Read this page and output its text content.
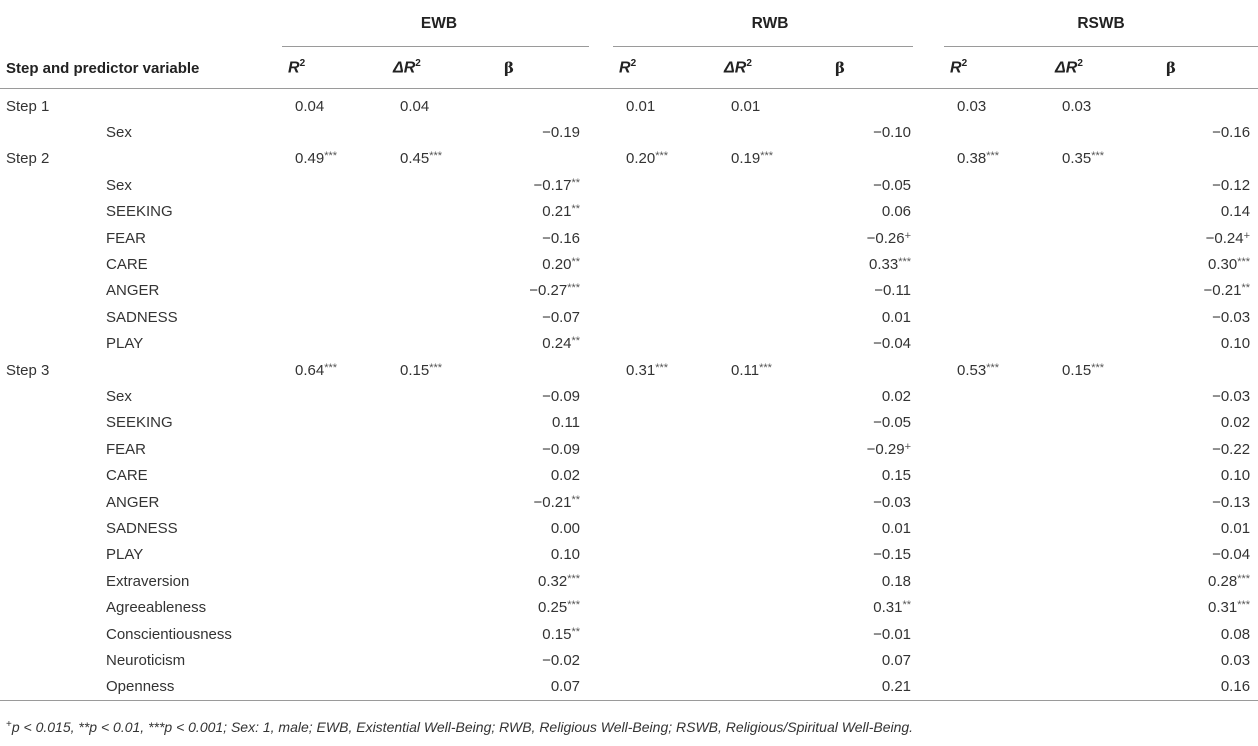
	EWB				RWB				RSWB		

Step and predictor variable	$R^2$	$\Delta R^2$	β		$R^2$	$\Delta R^2$	β		$R^2$	$\Delta R^2$	β
Step 1	0.04	0.04			0.01	0.01			0.03	0.03	
Sex			−0.19				−0.10				−0.16
Step 2	0.49***	0.45***			0.20***	0.19***			0.38***	0.35***	
Sex			−0.17**				−0.05				−0.12
SEEKING			0.21**				0.06				0.14
FEAR			−0.16				−0.26+				−0.24+
CARE			0.20**				0.33***				0.30***
ANGER			−0.27***				−0.11				−0.21**
SADNESS			−0.07				0.01				−0.03
PLAY			0.24**				−0.04				0.10
Step 3	0.64***	0.15***			0.31***	0.11***			0.53***	0.15***	
Sex			−0.09				0.02				−0.03
SEEKING			0.11				−0.05				0.02
FEAR			−0.09				−0.29+				−0.22
CARE			0.02				0.15				0.10
ANGER			−0.21**				−0.03				−0.13
SADNESS			0.00				0.01				0.01
PLAY			0.10				−0.15				−0.04
Extraversion			0.32***				0.18				0.28***
Agreeableness			0.25***				0.31**				0.31***
Conscientiousness			0.15**				−0.01				0.08
Neuroticism			−0.02				0.07				0.03
Openness			0.07				0.21				0.16
+p < 0.015, **p < 0.01, ***p < 0.001; Sex: 1, male; EWB, Existential Well-Being; RWB, Religious Well-Being; RSWB, Religious/Spiritual Well-Being.
